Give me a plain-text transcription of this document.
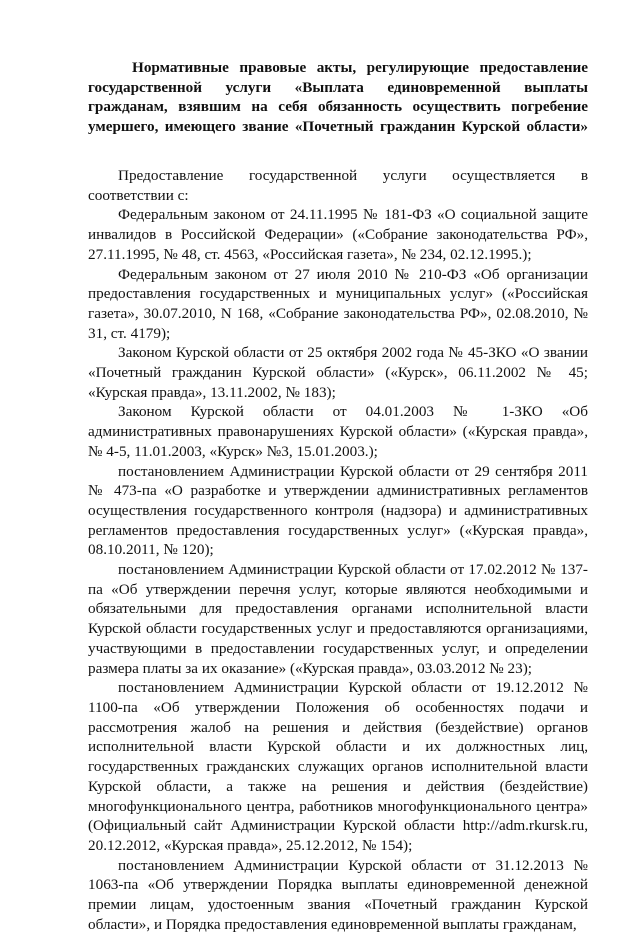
Нормативные правовые акты, регулирующие предоставление государственной услуги «Выплата единовременной выплаты гражданам, взявшим на себя обязанность осуществить погребение умершего, имеющего звание «Почетный гражданин Курской области»

Предоставление государственной услуги осуществляется в соответствии с:

Федеральным законом от 24.11.1995 № 181-ФЗ «О социальной защите инвалидов в Российской Федерации» («Собрание законодательства РФ», 27.11.1995, № 48, ст. 4563, «Российская газета», № 234, 02.12.1995.);

Федеральным законом от 27 июля 2010 № 210-ФЗ «Об организации предоставления государственных и муниципальных услуг» («Российская газета», 30.07.2010, N 168, «Собрание законодательства РФ», 02.08.2010, № 31, ст. 4179);

Законом Курской области от 25 октября 2002 года № 45-ЗКО «О звании «Почетный гражданин Курской области» («Курск», 06.11.2002 № 45; «Курская правда», 13.11.2002, № 183);

Законом Курской области от 04.01.2003 № 1-ЗКО «Об административных правонарушениях Курской области» («Курская правда», № 4-5, 11.01.2003, «Курск» №3, 15.01.2003.);

постановлением Администрации Курской области от 29 сентября 2011 № 473-па «О разработке и утверждении административных регламентов осуществления государственного контроля (надзора) и административных регламентов предоставления государственных услуг» («Курская правда», 08.10.2011, № 120);

постановлением Администрации Курской области от 17.02.2012 № 137-па «Об утверждении перечня услуг, которые являются необходимыми и обязательными для предоставления органами исполнительной власти Курской области государственных услуг и предоставляются организациями, участвующими в предоставлении государственных услуг, и определении размера платы за их оказание» («Курская правда», 03.03.2012 № 23);

постановлением Администрации Курской области от 19.12.2012 № 1100-па «Об утверждении Положения об особенностях подачи и рассмотрения жалоб на решения и действия (бездействие) органов исполнительной власти Курской области и их должностных лиц, государственных гражданских служащих органов исполнительной власти Курской области, а также на решения и действия (бездействие) многофункционального центра, работников многофункционального центра» (Официальный сайт Администрации Курской области http://adm.rkursk.ru, 20.12.2012, «Курская правда», 25.12.2012, № 154);

постановлением Администрации Курской области от 31.12.2013 № 1063-па «Об утверждении Порядка выплаты единовременной денежной премии лицам, удостоенным звания «Почетный гражданин Курской области», и Порядка предоставления единовременной выплаты гражданам,
